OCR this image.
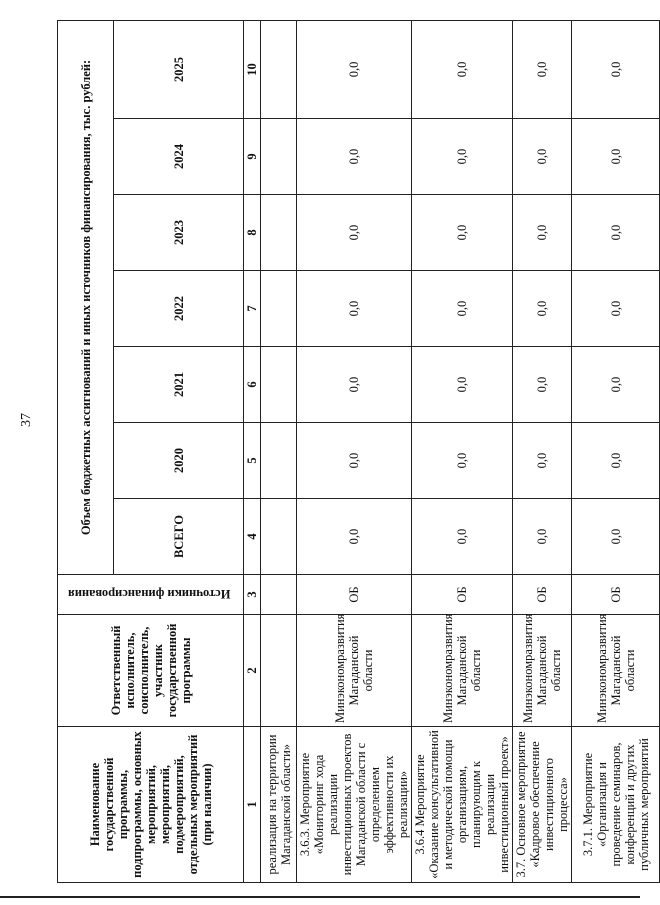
37
Наименование государственной программы, подпрограммы, основных мероприятий, мероприятий, подмероприятий, отдельных мероприятий (при наличии)	Ответственный исполнитель, соисполнитель, участник государственной программы	Источники финансирования	Объем бюджетных ассигнований и иных источников финансирования, тыс. рублей:						
			ВСЕГО	2020	2021	2022	2023	2024	2025
1	2	3	4	5	6	7	8	9	10
реализация на территории Магаданской области»									
3.6.3. Мероприятие «Мониторинг хода реализации инвестиционных проектов Магаданской области с определением эффективности их реализации»	Минэкономразвития Магаданской области	ОБ	0,0	0,0	0,0	0,0	0,0	0,0	0,0
3.6.4 Мероприятие «Оказание консультативной и методической помощи организациям, планирующим к реализации инвестиционный проект»	Минэкономразвития Магаданской области	ОБ	0,0	0,0	0,0	0,0	0,0	0,0	0,0
3.7. Основное мероприятие «Кадровое обеспечение инвестиционного процесса»	Минэкономразвития Магаданской области	ОБ	0,0	0,0	0,0	0,0	0,0	0,0	0,0
3.7.1. Мероприятие «Организация и проведение семинаров, конференций и других публичных мероприятий	Минэкономразвития Магаданской области	ОБ	0,0	0,0	0,0	0,0	0,0	0,0	0,0
